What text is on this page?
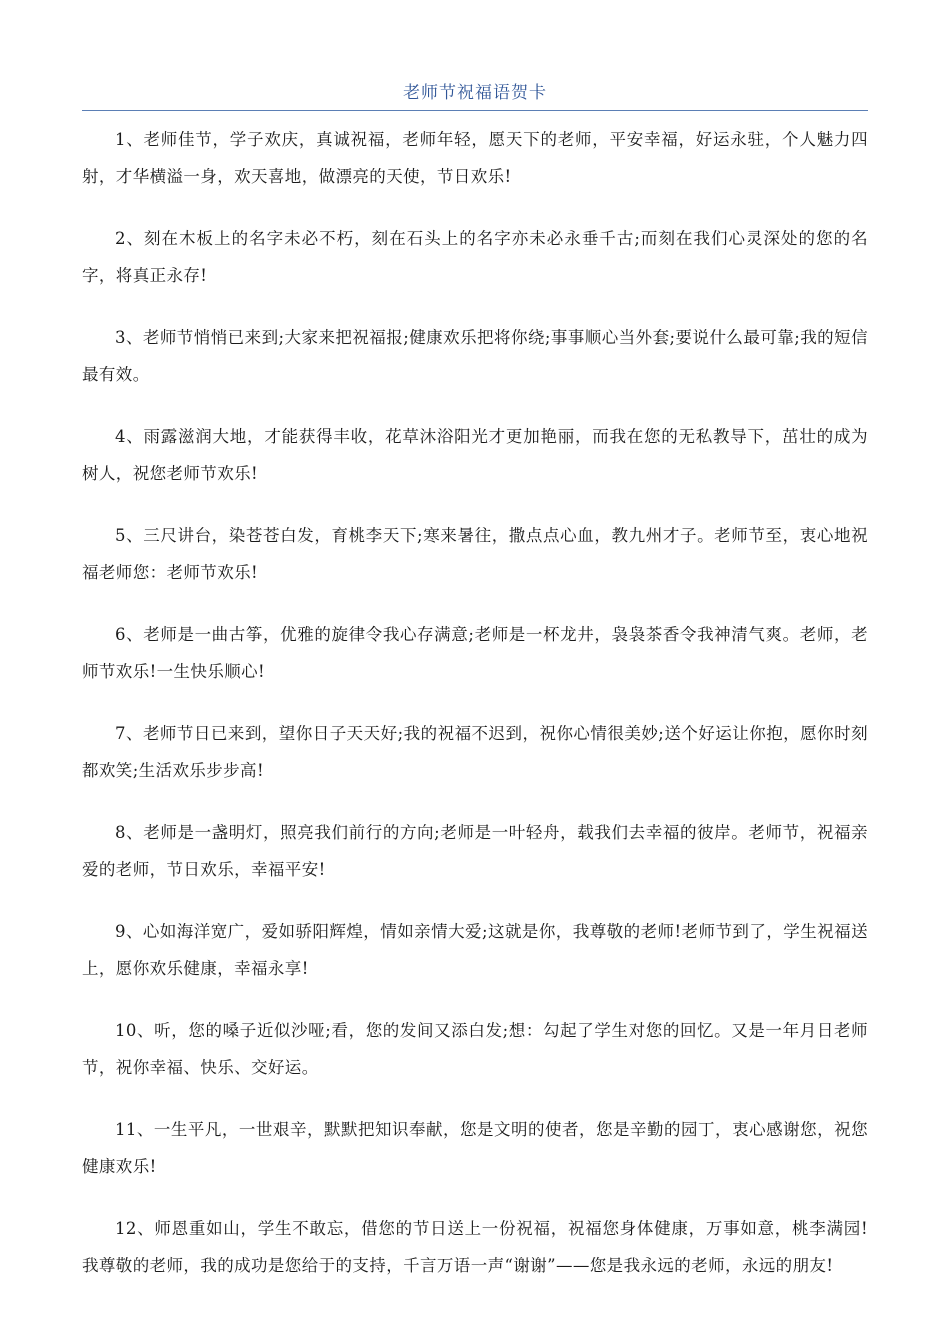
老师节祝福语贺卡

1、老师佳节，学子欢庆，真诚祝福，老师年轻，愿天下的老师，平安幸福，好运永驻，个人魅力四射，才华横溢一身，欢天喜地，做漂亮的天使，节日欢乐!

2、刻在木板上的名字未必不朽，刻在石头上的名字亦未必永垂千古;而刻在我们心灵深处的您的名字，将真正永存!

3、老师节悄悄已来到;大家来把祝福报;健康欢乐把将你绕;事事顺心当外套;要说什么最可靠;我的短信最有效。

4、雨露滋润大地，才能获得丰收，花草沐浴阳光才更加艳丽，而我在您的无私教导下，茁壮的成为树人，祝您老师节欢乐!

5、三尺讲台，染苍苍白发，育桃李天下;寒来暑往，撒点点心血，教九州才子。老师节至，衷心地祝福老师您：老师节欢乐!

6、老师是一曲古筝，优雅的旋律令我心存满意;老师是一杯龙井，袅袅茶香令我神清气爽。老师，老师节欢乐!一生快乐顺心!

7、老师节日已来到，望你日子天天好;我的祝福不迟到，祝你心情很美妙;送个好运让你抱，愿你时刻都欢笑;生活欢乐步步高!

8、老师是一盏明灯，照亮我们前行的方向;老师是一叶轻舟，载我们去幸福的彼岸。老师节，祝福亲爱的老师，节日欢乐，幸福平安!

9、心如海洋宽广，爱如骄阳辉煌，情如亲情大爱;这就是你，我尊敬的老师!老师节到了，学生祝福送上，愿你欢乐健康，幸福永享!

10、听，您的嗓子近似沙哑;看，您的发间又添白发;想：勾起了学生对您的回忆。又是一年月日老师节，祝你幸福、快乐、交好运。

11、一生平凡，一世艰辛，默默把知识奉献，您是文明的使者，您是辛勤的园丁，衷心感谢您，祝您健康欢乐!

12、师恩重如山，学生不敢忘，借您的节日送上一份祝福，祝福您身体健康，万事如意，桃李满园!我尊敬的老师，我的成功是您给于的支持，千言万语一声“谢谢”——您是我永远的老师，永远的朋友!
